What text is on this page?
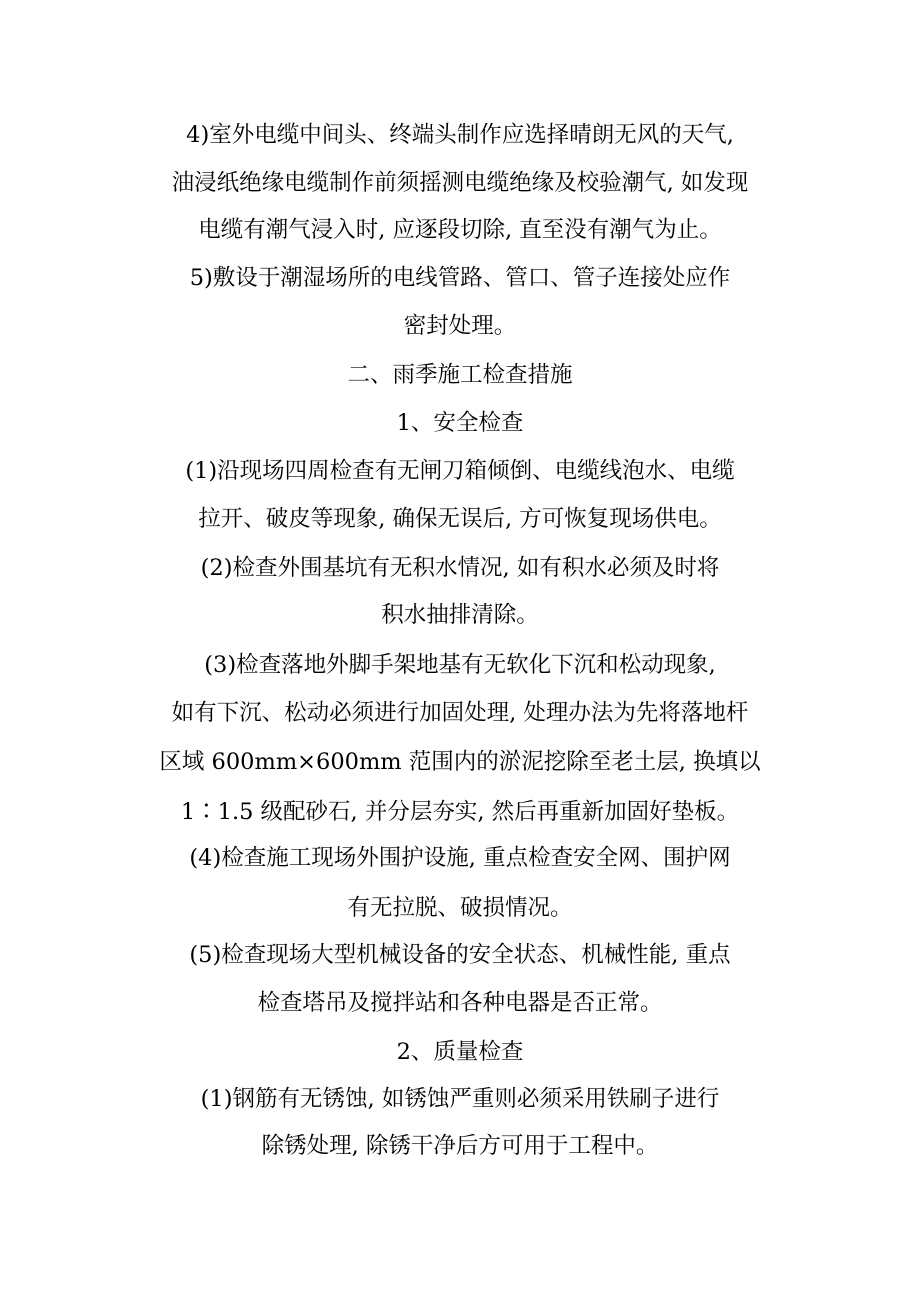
4)室外电缆中间头、终端头制作应选择晴朗无风的天气,
油浸纸绝缘电缆制作前须摇测电缆绝缘及校验潮气, 如发现
电缆有潮气浸入时, 应逐段切除, 直至没有潮气为止。
5)敷设于潮湿场所的电线管路、管口、管子连接处应作
密封处理。
二、雨季施工检查措施
1、安全检查
(1)沿现场四周检查有无闸刀箱倾倒、电缆线泡水、电缆
拉开、破皮等现象, 确保无误后, 方可恢复现场供电。
(2)检查外围基坑有无积水情况, 如有积水必须及时将
积水抽排清除。
(3)检查落地外脚手架地基有无软化下沉和松动现象,
如有下沉、松动必须进行加固处理, 处理办法为先将落地杆
区域 600mm×600mm 范围内的淤泥挖除至老土层, 换填以
1∶1.5 级配砂石, 并分层夯实, 然后再重新加固好垫板。
(4)检查施工现场外围护设施, 重点检查安全网、围护网
有无拉脱、破损情况。
(5)检查现场大型机械设备的安全状态、机械性能, 重点
检查塔吊及搅拌站和各种电器是否正常。
2、质量检查
(1)钢筋有无锈蚀, 如锈蚀严重则必须采用铁刷子进行
除锈处理, 除锈干净后方可用于工程中。
